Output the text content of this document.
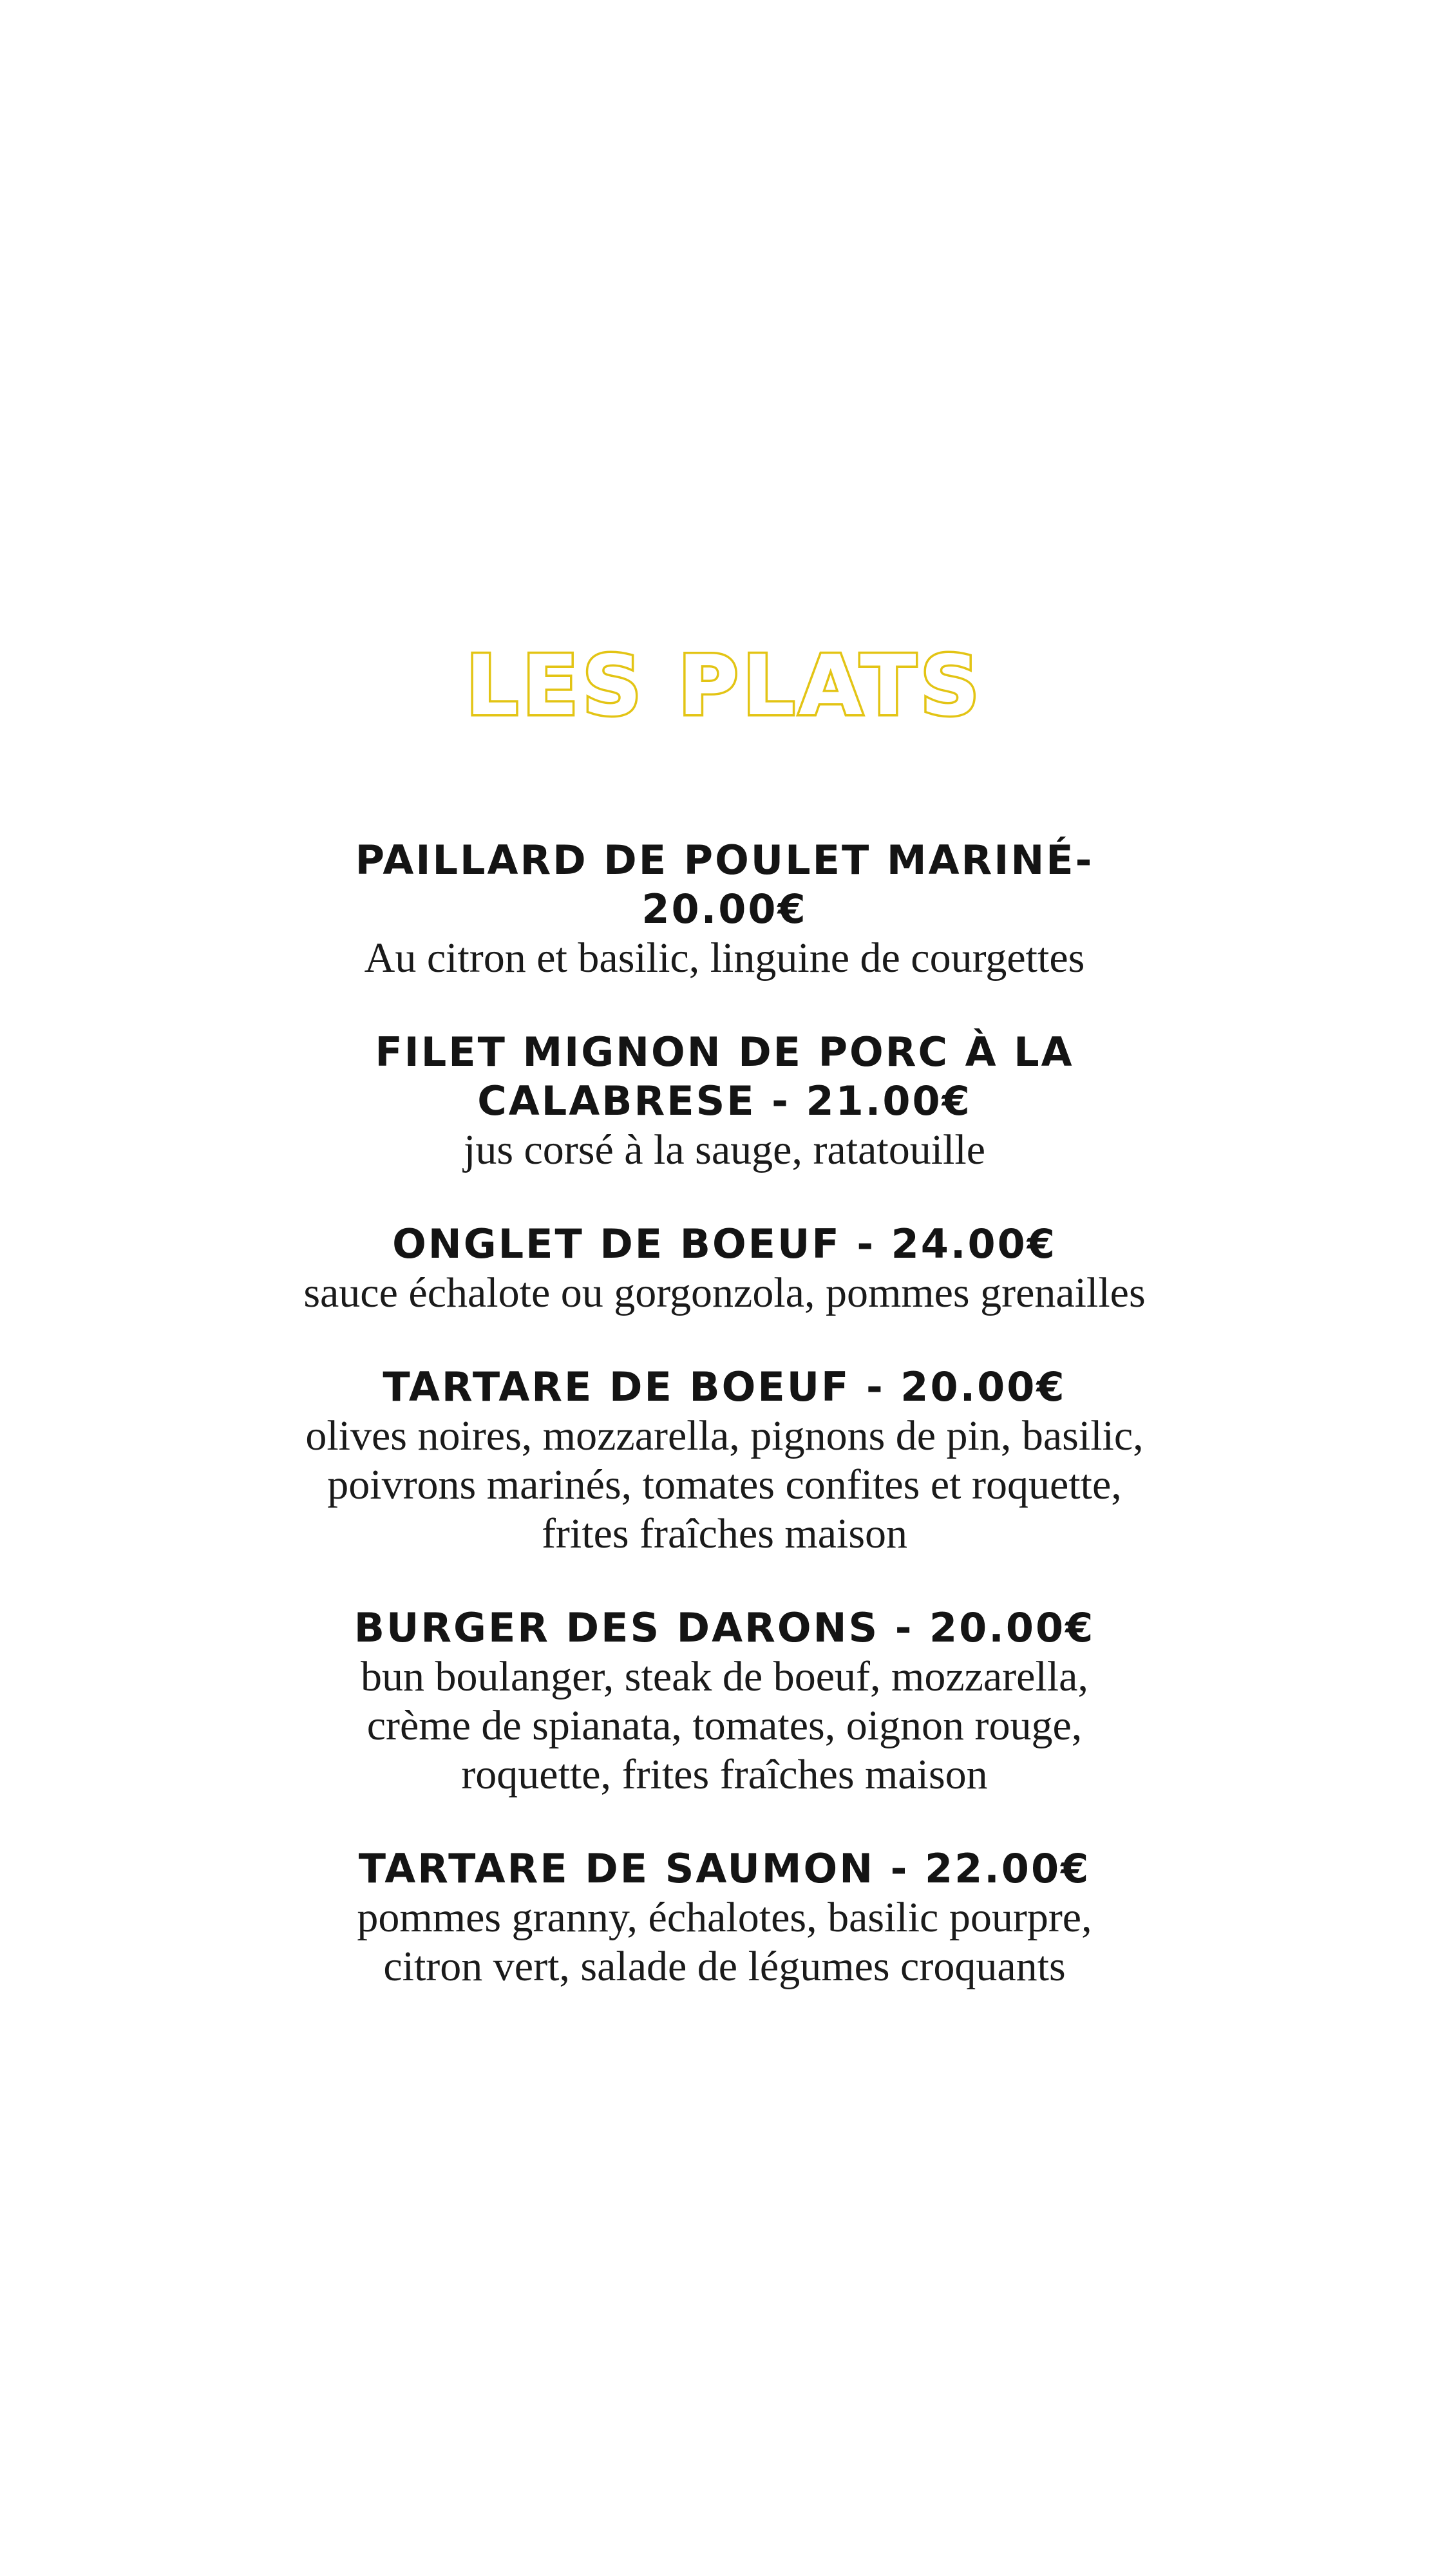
LES PLATS
PAILLARD DE POULET MARINÉ- 20.00€
Au citron et basilic, linguine de courgettes
FILET MIGNON DE PORC À LA CALABRESE - 21.00€
jus corsé à la sauge, ratatouille
ONGLET DE BOEUF - 24.00€
sauce échalote ou gorgonzola, pommes grenailles
TARTARE DE BOEUF - 20.00€
olives noires, mozzarella, pignons de pin, basilic, poivrons marinés, tomates confites et roquette, frites fraîches maison
BURGER DES DARONS - 20.00€
bun boulanger, steak de boeuf, mozzarella, crème de spianata, tomates, oignon rouge, roquette, frites fraîches maison
TARTARE DE SAUMON - 22.00€
pommes granny, échalotes, basilic pourpre, citron vert, salade de légumes croquants
